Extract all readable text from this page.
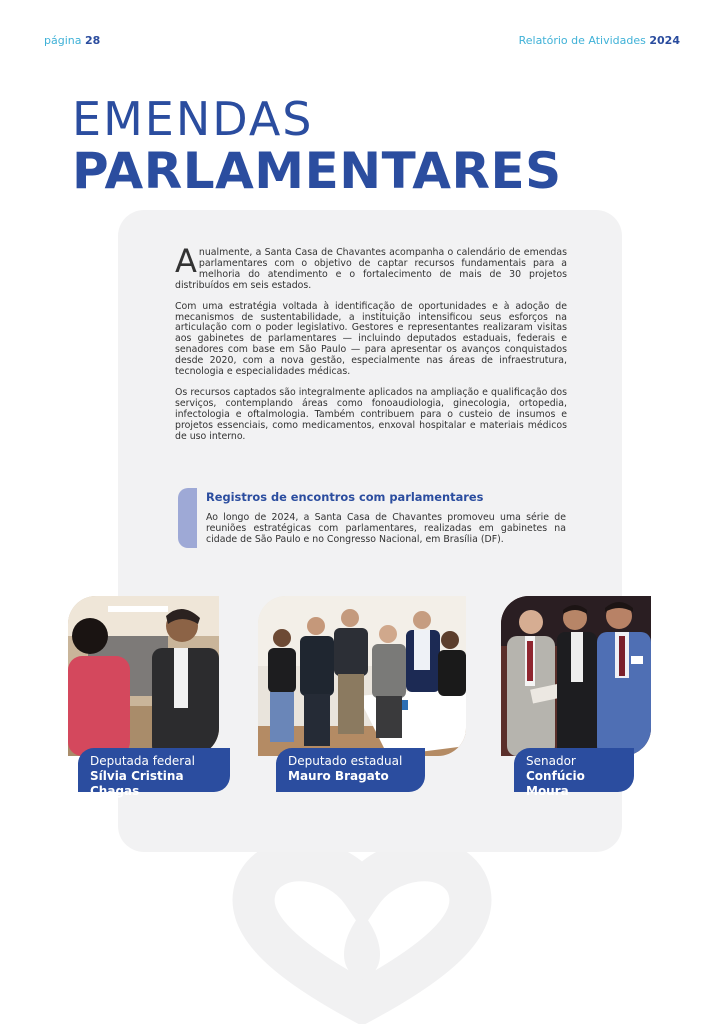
página 28	Relatório de Atividades 2024
EMENDAS
PARLAMENTARES

Anualmente, a Santa Casa de Chavantes acompanha o calendário de emendas parlamentares com o objetivo de captar recursos fundamentais para a melhoria do atendimento e o fortalecimento de mais de 30 projetos distribuídos em seis estados.

Com uma estratégia voltada à identificação de oportunidades e à adoção de mecanismos de sustentabilidade, a instituição intensificou seus esforços na articulação com o poder legislativo. Gestores e representantes realizaram visitas aos gabinetes de parlamentares — incluindo deputados estaduais, federais e senadores com base em São Paulo — para apresentar os avanços conquistados desde 2020, com a nova gestão, especialmente nas áreas de infraestrutura, tecnologia e especialidades médicas.

Os recursos captados são integralmente aplicados na ampliação e qualificação dos serviços, contemplando áreas como fonoaudiologia, ginecologia, ortopedia, infectologia e oftalmologia. Também contribuem para o custeio de insumos e projetos essenciais, como medicamentos, enxoval hospitalar e materiais médicos de uso interno.

Registros de encontros com parlamentares
Ao longo de 2024, a Santa Casa de Chavantes promoveu uma série de reuniões estratégicas com parlamentares, realizadas em gabinetes na cidade de São Paulo e no Congresso Nacional, em Brasília (DF).
Deputada federal
Sílvia Cristina Chagas
Deputado estadual
Mauro Bragato
Senador
Confúcio Moura
